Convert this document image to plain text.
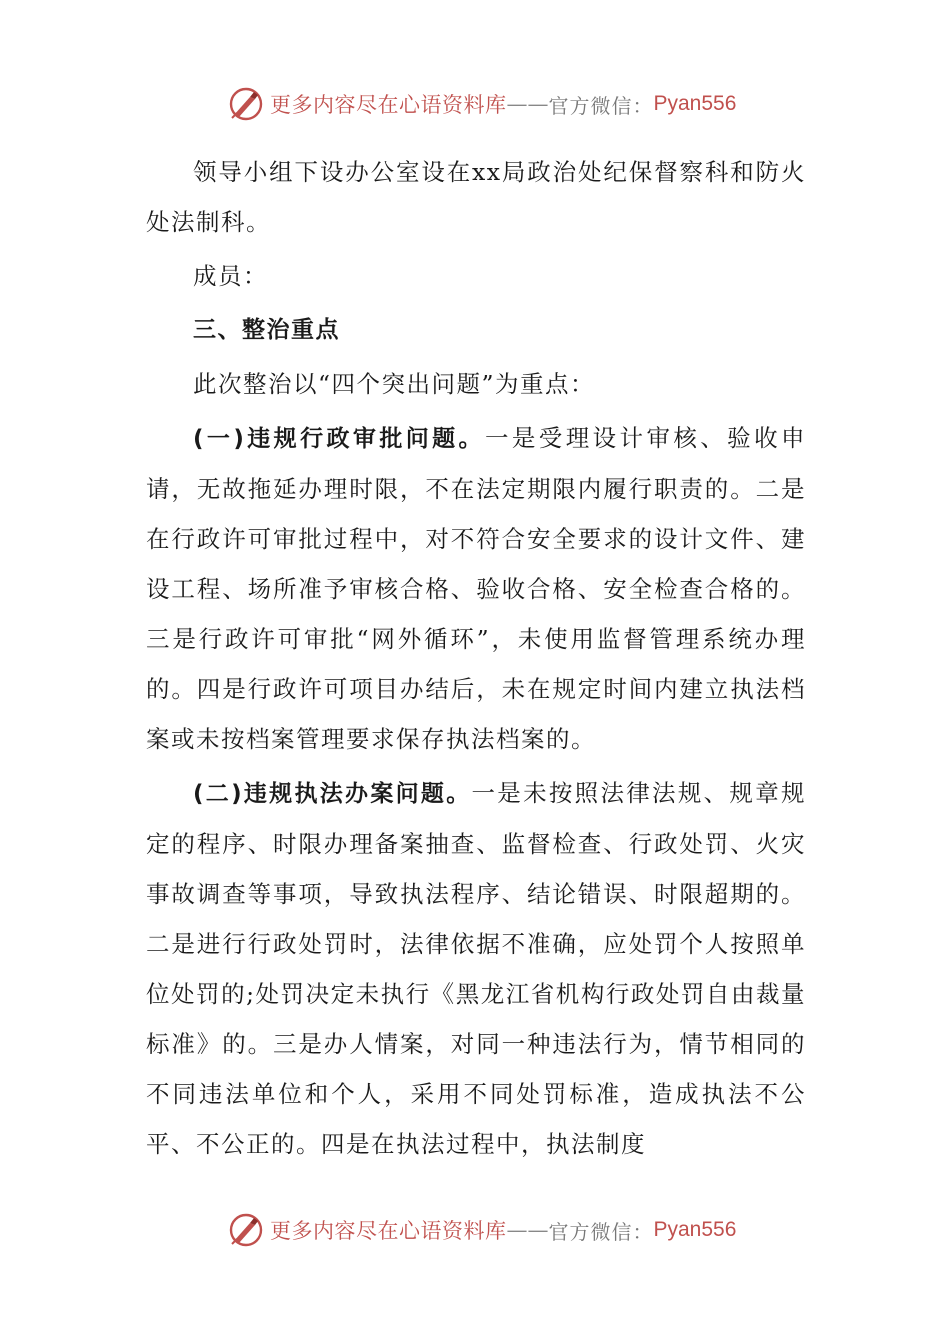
更多内容尽在心语资料库 —— 官方微信： Pyan556

领导小组下设办公室设在xx局政治处纪保督察科和防火处法制科。

成员：

三、整治重点

此次整治以“四个突出问题”为重点：

(一)违规行政审批问题。一是受理设计审核、验收申请，无故拖延办理时限，不在法定期限内履行职责的。二是在行政许可审批过程中，对不符合安全要求的设计文件、建设工程、场所准予审核合格、验收合格、安全检查合格的。三是行政许可审批“网外循环”，未使用监督管理系统办理的。四是行政许可项目办结后，未在规定时间内建立执法档案或未按档案管理要求保存执法档案的。

(二)违规执法办案问题。一是未按照法律法规、规章规定的程序、时限办理备案抽查、监督检查、行政处罚、火灾事故调查等事项，导致执法程序、结论错误、时限超期的。二是进行行政处罚时，法律依据不准确，应处罚个人按照单位处罚的;处罚决定未执行《黑龙江省机构行政处罚自由裁量标准》的。三是办人情案，对同一种违法行为，情节相同的不同违法单位和个人，采用不同处罚标准，造成执法不公平、不公正的。四是在执法过程中，执法制度

更多内容尽在心语资料库 —— 官方微信： Pyan556
